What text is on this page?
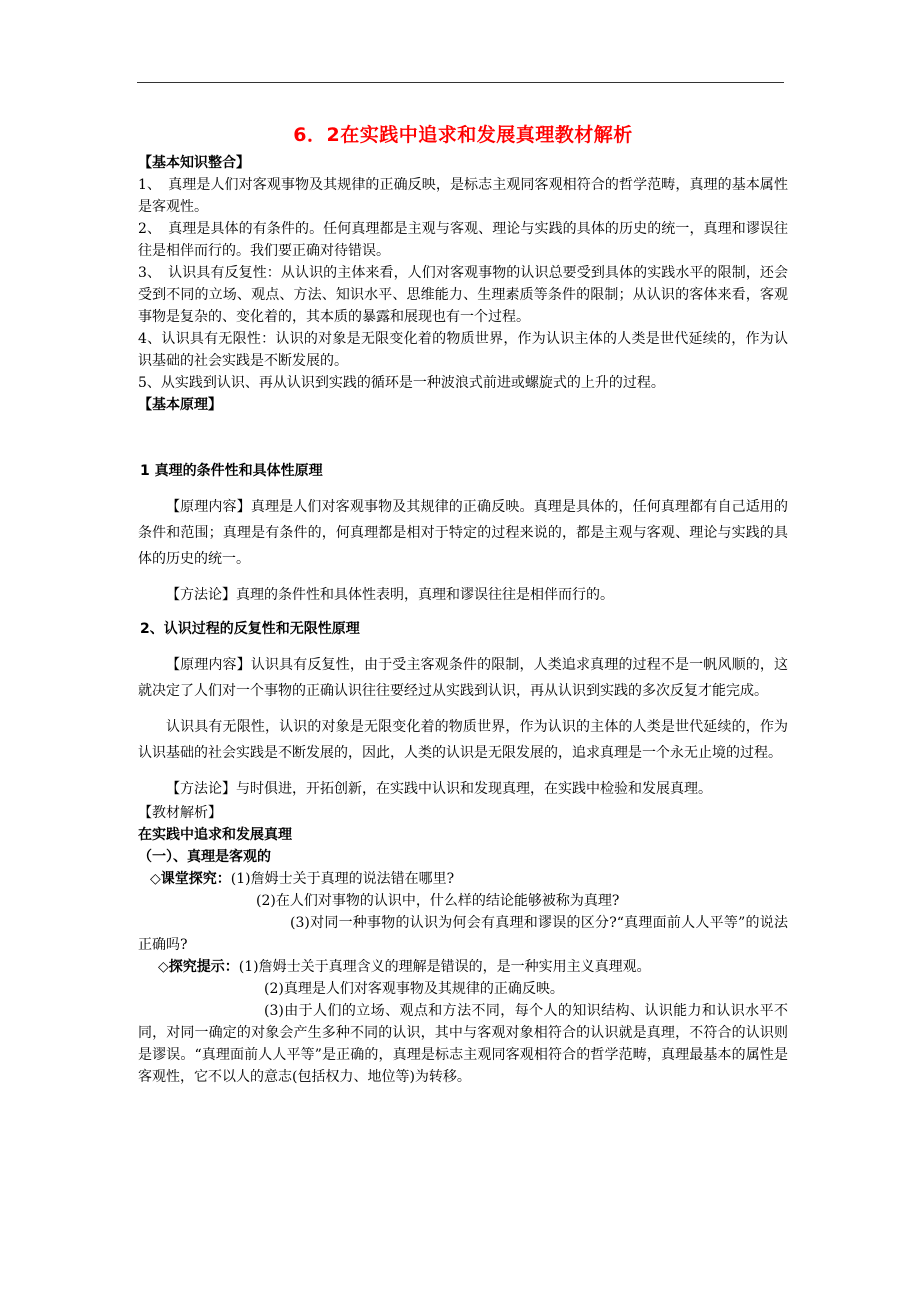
6．2在实践中追求和发展真理教材解析

【基本知识整合】

1、　真理是人们对客观事物及其规律的正确反映，是标志主观同客观相符合的哲学范畴，真理的基本属性是客观性。

2、　真理是具体的有条件的。任何真理都是主观与客观、理论与实践的具体的历史的统一，真理和谬误往往是相伴而行的。我们要正确对待错误。

3、　认识具有反复性：从认识的主体来看，人们对客观事物的认识总要受到具体的实践水平的限制，还会受到不同的立场、观点、方法、知识水平、思维能力、生理素质等条件的限制；从认识的客体来看，客观事物是复杂的、变化着的，其本质的暴露和展现也有一个过程。

4、认识具有无限性：认识的对象是无限变化着的物质世界，作为认识主体的人类是世代延续的，作为认识基础的社会实践是不断发展的。

5、从实践到认识、再从认识到实践的循环是一种波浪式前进或螺旋式的上升的过程。

【基本原理】

1 真理的条件性和具体性原理

【原理内容】真理是人们对客观事物及其规律的正确反映。真理是具体的，任何真理都有自己适用的条件和范围；真理是有条件的，何真理都是相对于特定的过程来说的，都是主观与客观、理论与实践的具体的历史的统一。

【方法论】真理的条件性和具体性表明，真理和谬误往往是相伴而行的。

2、认识过程的反复性和无限性原理

【原理内容】认识具有反复性，由于受主客观条件的限制，人类追求真理的过程不是一帆风顺的，这就决定了人们对一个事物的正确认识往往要经过从实践到认识，再从认识到实践的多次反复才能完成。

认识具有无限性，认识的对象是无限变化着的物质世界，作为认识的主体的人类是世代延续的，作为认识基础的社会实践是不断发展的，因此，人类的认识是无限发展的，追求真理是一个永无止境的过程。

【方法论】与时俱进，开拓创新，在实践中认识和发现真理，在实践中检验和发展真理。

【教材解析】

在实践中追求和发展真理

（一）、真理是客观的

◇课堂探究： (1)詹姆士关于真理的说法错在哪里?

(2)在人们对事物的认识中，什么样的结论能够被称为真理?

(3)对同一种事物的认识为何会有真理和谬误的区分?“真理面前人人平等”的说法正确吗?

◇探究提示： (1)詹姆士关于真理含义的理解是错误的，是一种实用主义真理观。

(2)真理是人们对客观事物及其规律的正确反映。

(3)由于人们的立场、观点和方法不同，每个人的知识结构、认识能力和认识水平不同，对同一确定的对象会产生多种不同的认识，其中与客观对象相符合的认识就是真理，不符合的认识则是谬误。“真理面前人人平等”是正确的，真理是标志主观同客观相符合的哲学范畴，真理最基本的属性是客观性，它不以人的意志(包括权力、地位等)为转移。
